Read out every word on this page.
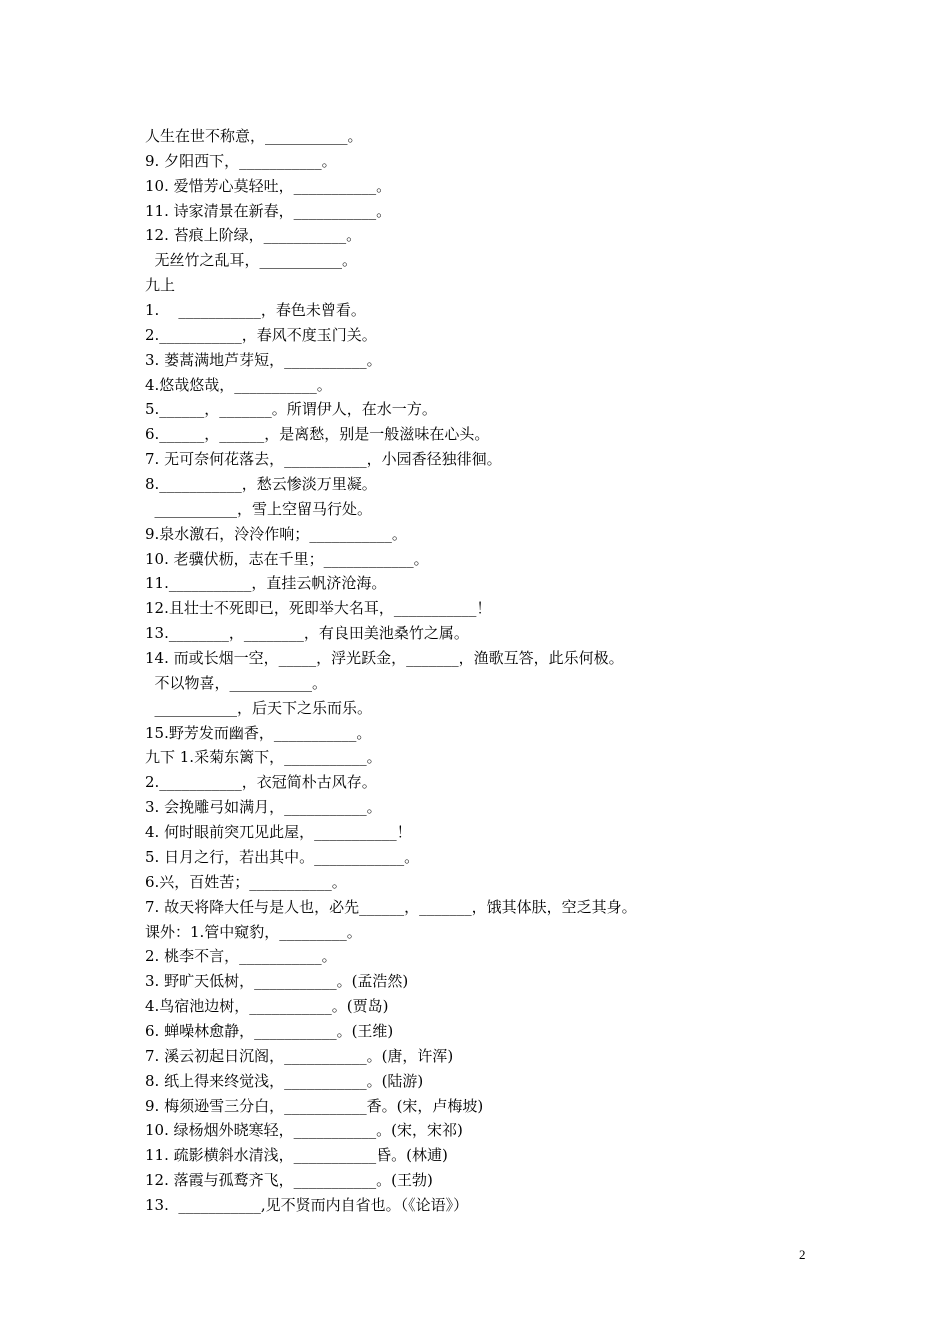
人生在世不称意，___________。
9. 夕阳西下，___________。
10. 爱惜芳心莫轻吐，___________。
11. 诗家清景在新春，___________。
12. 苔痕上阶绿，___________。
无丝竹之乱耳，___________。
九上
1.    ___________，春色未曾看。
2.___________，春风不度玉门关。
3. 蒌蒿满地芦芽短，___________。
4.悠哉悠哉，___________。
5.______，_______。所谓伊人，在水一方。
6.______，______，是离愁，别是一般滋味在心头。
7. 无可奈何花落去，___________，小园香径独徘徊。
8.___________，愁云惨淡万里凝。
___________，雪上空留马行处。
9.泉水激石，泠泠作响；___________。
10. 老骥伏枥，志在千里；____________。
11.___________，直挂云帆济沧海。
12.且壮士不死即已，死即举大名耳，___________！
13.________，________，有良田美池桑竹之属。
14. 而或长烟一空，_____，浮光跃金，_______，渔歌互答，此乐何极。
不以物喜，___________。
___________，后天下之乐而乐。
15.野芳发而幽香，___________。
九下 1.采菊东篱下，___________。
2.___________，衣冠简朴古风存。
3. 会挽雕弓如满月，___________。
4. 何时眼前突兀见此屋，___________！
5. 日月之行，若出其中。____________。
6.兴，百姓苦；___________。
7. 故天将降大任与是人也，必先______，_______，饿其体肤，空乏其身。
课外：1.管中窥豹，_________。
2. 桃李不言，___________。
3. 野旷天低树，___________。(孟浩然)
4.鸟宿池边树，___________。(贾岛)
6. 蝉噪林愈静，___________。(王维)
7. 溪云初起日沉阁，___________。(唐，许浑)
8. 纸上得来终觉浅，___________。(陆游)
9. 梅须逊雪三分白，___________香。(宋，卢梅坡)
10. 绿杨烟外晓寒轻，___________。(宋，宋祁)
11. 疏影横斜水清浅，___________昏。(林逋)
12. 落霞与孤鹜齐飞，___________。(王勃)
13.  ___________,见不贤而内自省也。（《论语》）
2
